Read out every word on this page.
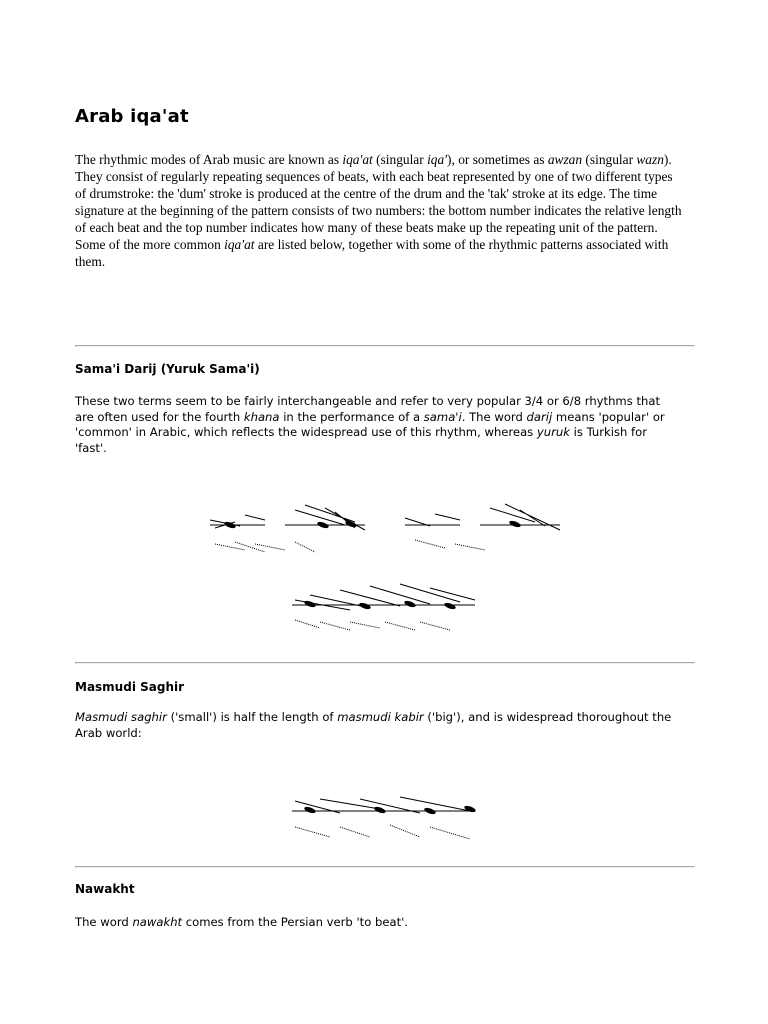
Arab iqa'at

The rhythmic modes of Arab music are known as iqa'at (singular iqa'), or sometimes as awzan (singular wazn). They consist of regularly repeating sequences of beats, with each beat represented by one of two different types of drumstroke: the 'dum' stroke is produced at the centre of the drum and the 'tak' stroke at its edge. The time signature at the beginning of the pattern consists of two numbers: the bottom number indicates the relative length of each beat and the top number indicates how many of these beats make up the repeating unit of the pattern. Some of the more common iqa'at are listed below, together with some of the rhythmic patterns associated with them.

Sama'i Darij (Yuruk Sama'i)

These two terms seem to be fairly interchangeable and refer to very popular 3/4 or 6/8 rhythms that are often used for the fourth khana in the performance of a sama'i. The word darij means 'popular' or 'common' in Arabic, which reflects the widespread use of this rhythm, whereas yuruk is Turkish for 'fast'.

Masmudi Saghir

Masmudi saghir ('small') is half the length of masmudi kabir ('big'), and is widespread thoroughout the Arab world:

Nawakht

The word nawakht comes from the Persian verb 'to beat'.
